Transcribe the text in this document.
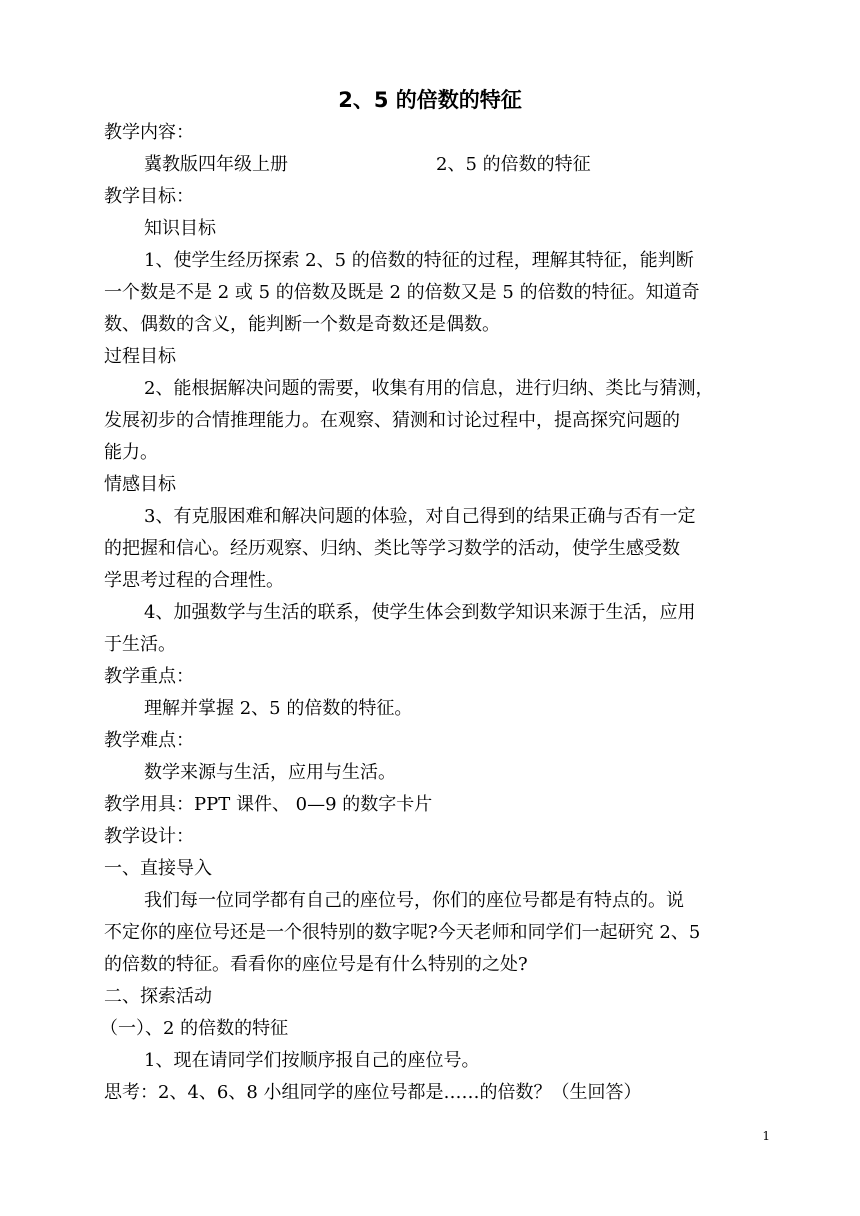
2、5 的倍数的特征
教学内容：
冀教版四年级上册	2、5 的倍数的特征
教学目标：
知识目标
1、使学生经历探索 2、5 的倍数的特征的过程，理解其特征，能判断
一个数是不是 2 或 5 的倍数及既是 2 的倍数又是 5 的倍数的特征。知道奇
数、偶数的含义，能判断一个数是奇数还是偶数。
过程目标
2、能根据解决问题的需要，收集有用的信息，进行归纳、类比与猜测，
发展初步的合情推理能力。在观察、猜测和讨论过程中，提高探究问题的
能力。
情感目标
3、有克服困难和解决问题的体验，对自己得到的结果正确与否有一定
的把握和信心。经历观察、归纳、类比等学习数学的活动，使学生感受数
学思考过程的合理性。
4、加强数学与生活的联系，使学生体会到数学知识来源于生活，应用
于生活。
教学重点：
理解并掌握 2、5 的倍数的特征。
教学难点：
数学来源与生活，应用与生活。
教学用具：PPT 课件、 0—9 的数字卡片
教学设计：
一、直接导入
我们每一位同学都有自己的座位号，你们的座位号都是有特点的。说
不定你的座位号还是一个很特别的数字呢?今天老师和同学们一起研究 2、5
的倍数的特征。看看你的座位号是有什么特别的之处?
二、探索活动
（一）、2 的倍数的特征
1、现在请同学们按顺序报自己的座位号。
思考：2、4、6、8 小组同学的座位号都是……的倍数？（生回答）
1
